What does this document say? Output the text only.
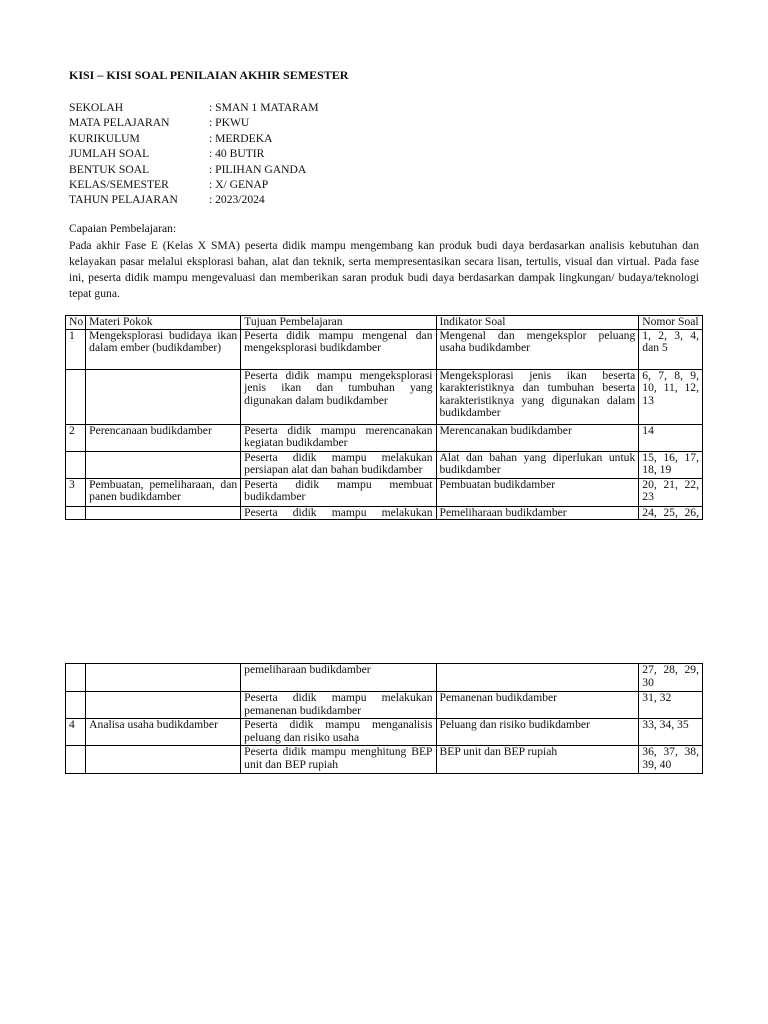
KISI – KISI SOAL PENILAIAN AKHIR SEMESTER
SEKOLAH	: SMAN 1 MATARAM
MATA PELAJARAN	: PKWU
KURIKULUM	: MERDEKA
JUMLAH SOAL	: 40 BUTIR
BENTUK SOAL	: PILIHAN GANDA
KELAS/SEMESTER	: X/ GENAP
TAHUN PELAJARAN	: 2023/2024
Capaian Pembelajaran:
Pada akhir Fase E (Kelas X SMA) peserta didik mampu mengembang kan produk budi daya berdasarkan analisis kebutuhan dan kelayakan pasar melalui eksplorasi bahan, alat dan teknik, serta mempresentasikan secara lisan, tertulis, visual dan virtual. Pada fase ini, peserta didik mampu mengevaluasi dan memberikan saran produk budi daya berdasarkan dampak lingkungan/ budaya/teknologi tepat guna.
No	Materi Pokok	Tujuan Pembelajaran	Indikator Soal	Nomor Soal
1	Mengeksplorasi budidaya ikan dalam ember (budikdamber)	Peserta didik mampu mengenal dan mengeksplorasi budikdamber	Mengenal dan mengeksplor peluang usaha budikdamber	1, 2, 3, 4, dan 5
		Peserta didik mampu mengeksplorasi jenis ikan dan tumbuhan yang digunakan dalam budikdamber	Mengeksplorasi jenis ikan beserta karakteristiknya dan tumbuhan beserta karakteristiknya yang digunakan dalam budikdamber	6, 7, 8, 9, 10, 11, 12, 13
2	Perencanaan budikdamber	Peserta didik mampu merencanakan kegiatan budikdamber	Merencanakan budikdamber	14
		Peserta didik mampu melakukan persiapan alat dan bahan budikdamber	Alat dan bahan yang diperlukan untuk budikdamber	15, 16, 17, 18, 19
3	Pembuatan, pemeliharaan, dan panen budikdamber	Peserta didik mampu membuat budikdamber	Pembuatan budikdamber	20, 21, 22, 23
		Peserta didik mampu melakukan	Pemeliharaan budikdamber	24, 25, 26,
		pemeliharaan budikdamber		27, 28, 29, 30
		Peserta didik mampu melakukan pemanenan budikdamber	Pemanenan budikdamber	31, 32
4	Analisa usaha budikdamber	Peserta didik mampu menganalisis peluang dan risiko usaha	Peluang dan risiko budikdamber	33, 34, 35
		Peserta didik mampu menghitung BEP unit dan BEP rupiah	BEP unit dan BEP rupiah	36, 37, 38, 39, 40
